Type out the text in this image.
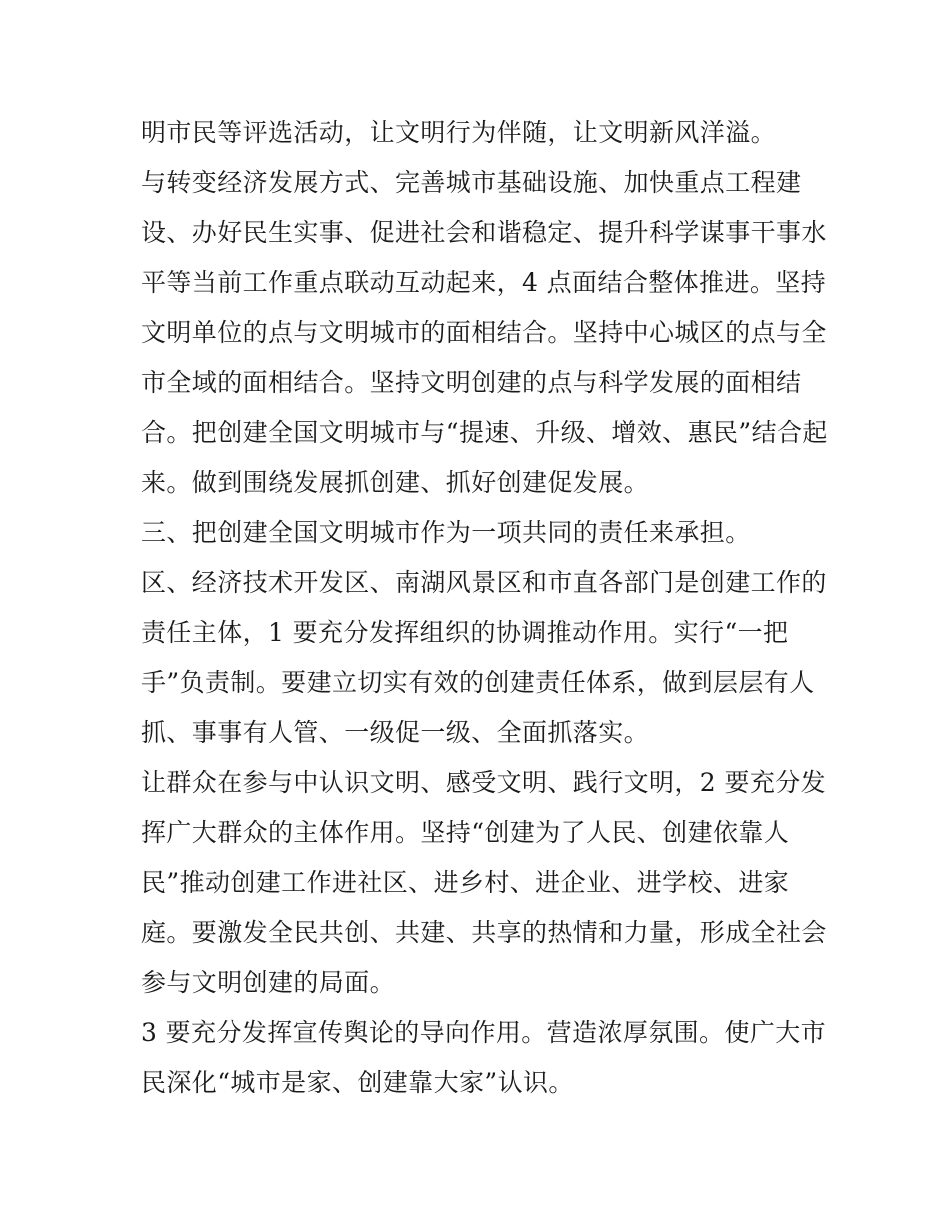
明市民等评选活动，让文明行为伴随，让文明新风洋溢。
与转变经济发展方式、完善城市基础设施、加快重点工程建
设、办好民生实事、促进社会和谐稳定、提升科学谋事干事水
平等当前工作重点联动互动起来，4 点面结合整体推进。坚持
文明单位的点与文明城市的面相结合。坚持中心城区的点与全
市全域的面相结合。坚持文明创建的点与科学发展的面相结
合。把创建全国文明城市与“提速、升级、增效、惠民”结合起
来。做到围绕发展抓创建、抓好创建促发展。
三、把创建全国文明城市作为一项共同的责任来承担。
区、经济技术开发区、南湖风景区和市直各部门是创建工作的
责任主体，1 要充分发挥组织的协调推动作用。实行“一把
手”负责制。要建立切实有效的创建责任体系，做到层层有人
抓、事事有人管、一级促一级、全面抓落实。
让群众在参与中认识文明、感受文明、践行文明，2 要充分发
挥广大群众的主体作用。坚持“创建为了人民、创建依靠人
民”推动创建工作进社区、进乡村、进企业、进学校、进家
庭。要激发全民共创、共建、共享的热情和力量，形成全社会
参与文明创建的局面。
3 要充分发挥宣传舆论的导向作用。营造浓厚氛围。使广大市
民深化“城市是家、创建靠大家”认识。
